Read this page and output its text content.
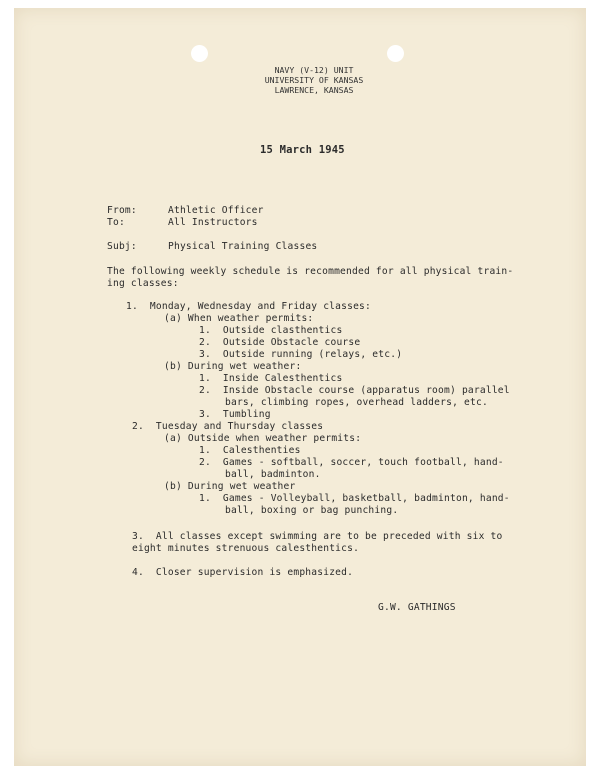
NAVY (V-12) UNIT
UNIVERSITY OF KANSAS
LAWRENCE, KANSAS
15 March 1945
From:	Athletic Officer
To:	All Instructors
Subj:	Physical Training Classes
The following weekly schedule is recommended for all physical train-
ing classes:
1.  Monday, Wednesday and Friday classes:
(a) When weather permits:
1.  Outside clasthentics
2.  Outside Obstacle course
3.  Outside running (relays, etc.)
(b) During wet weather:
1.  Inside Calesthentics
2.  Inside Obstacle course (apparatus room) parallel
bars, climbing ropes, overhead ladders, etc.
3.  Tumbling
2.  Tuesday and Thursday classes
(a) Outside when weather permits:
1.  Calesthenties
2.  Games - softball, soccer, touch football, hand-
ball, badminton.
(b) During wet weather
1.  Games - Volleyball, basketball, badminton, hand-
ball, boxing or bag punching.
3.  All classes except swimming are to be preceded with six to
eight minutes strenuous calesthentics.
4.  Closer supervision is emphasized.
G.W. GATHINGS
